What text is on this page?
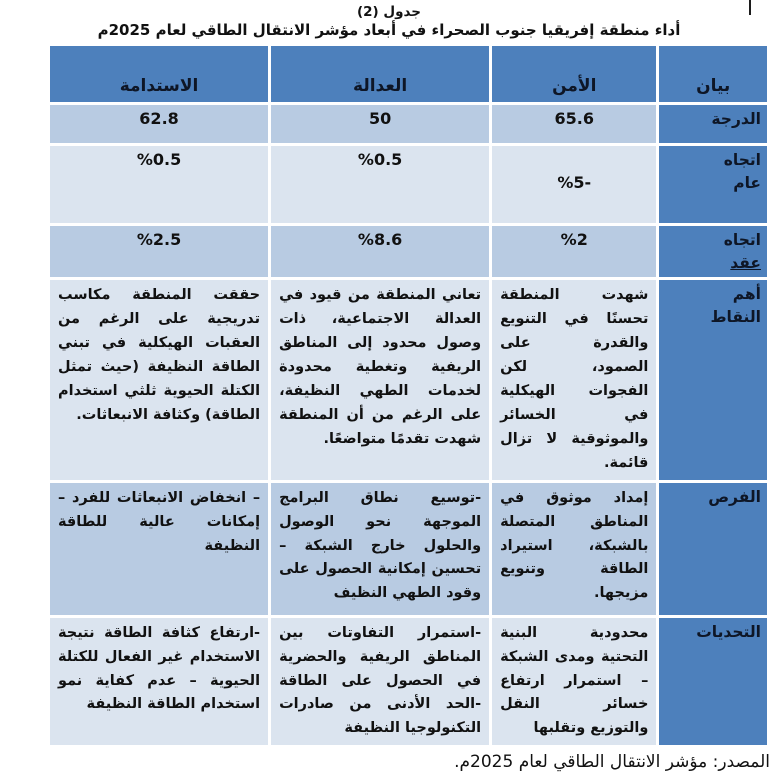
جدول (2)
أداء منطقة إفريقيا جنوب الصحراء في أبعاد مؤشر الانتقال الطاقي لعام 2025م
بيان	الأمن	العدالة	الاستدامة
الدرجة	65.6	50	62.8
اتجاه
عام	%5-	%0.5	%0.5
اتجاه
عقد	%2	%8.6	%2.5
أهم
النقاط	شهدت المنطقة تحسنًا في التنويع والقدرة على الصمود، لكن الفجوات الهيكلية في الخسائر والموثوقية لا تزال قائمة.	تعاني المنطقة من قيود في العدالة الاجتماعية، ذات وصول محدود إلى المناطق الريفية وتغطية محدودة لخدمات الطهي النظيفة، على الرغم من أن المنطقة شهدت تقدمًا متواضعًا.	حققت المنطقة مكاسب تدريجية على الرغم من العقبات الهيكلية في تبني الطاقة النظيفة (حيث تمثل الكتلة الحيوية ثلثي استخدام الطاقة) وكثافة الانبعاثات.
الفرص	إمداد موثوق في المناطق المتصلة بالشبكة، استيراد الطاقة وتنويع مزيجها.	-توسيع نطاق البرامج الموجهة نحو الوصول والحلول خارج الشبكة – تحسين إمكانية الحصول على وقود الطهي النظيف	– انخفاض الانبعاثات للفرد – إمكانات عالية للطاقة النظيفة
التحديات	محدودية البنية التحتية ومدى الشبكة – استمرار ارتفاع خسائر النقل والتوزيع وتقلبها	-استمرار التفاوتات بين المناطق الريفية والحضرية في الحصول على الطاقة -الحد الأدنى من صادرات التكنولوجيا النظيفة	-ارتفاع كثافة الطاقة نتيجة الاستخدام غير الفعال للكتلة الحيوية – عدم كفاية نمو استخدام الطاقة النظيفة
المصدر: مؤشر الانتقال الطاقي لعام 2025م.
